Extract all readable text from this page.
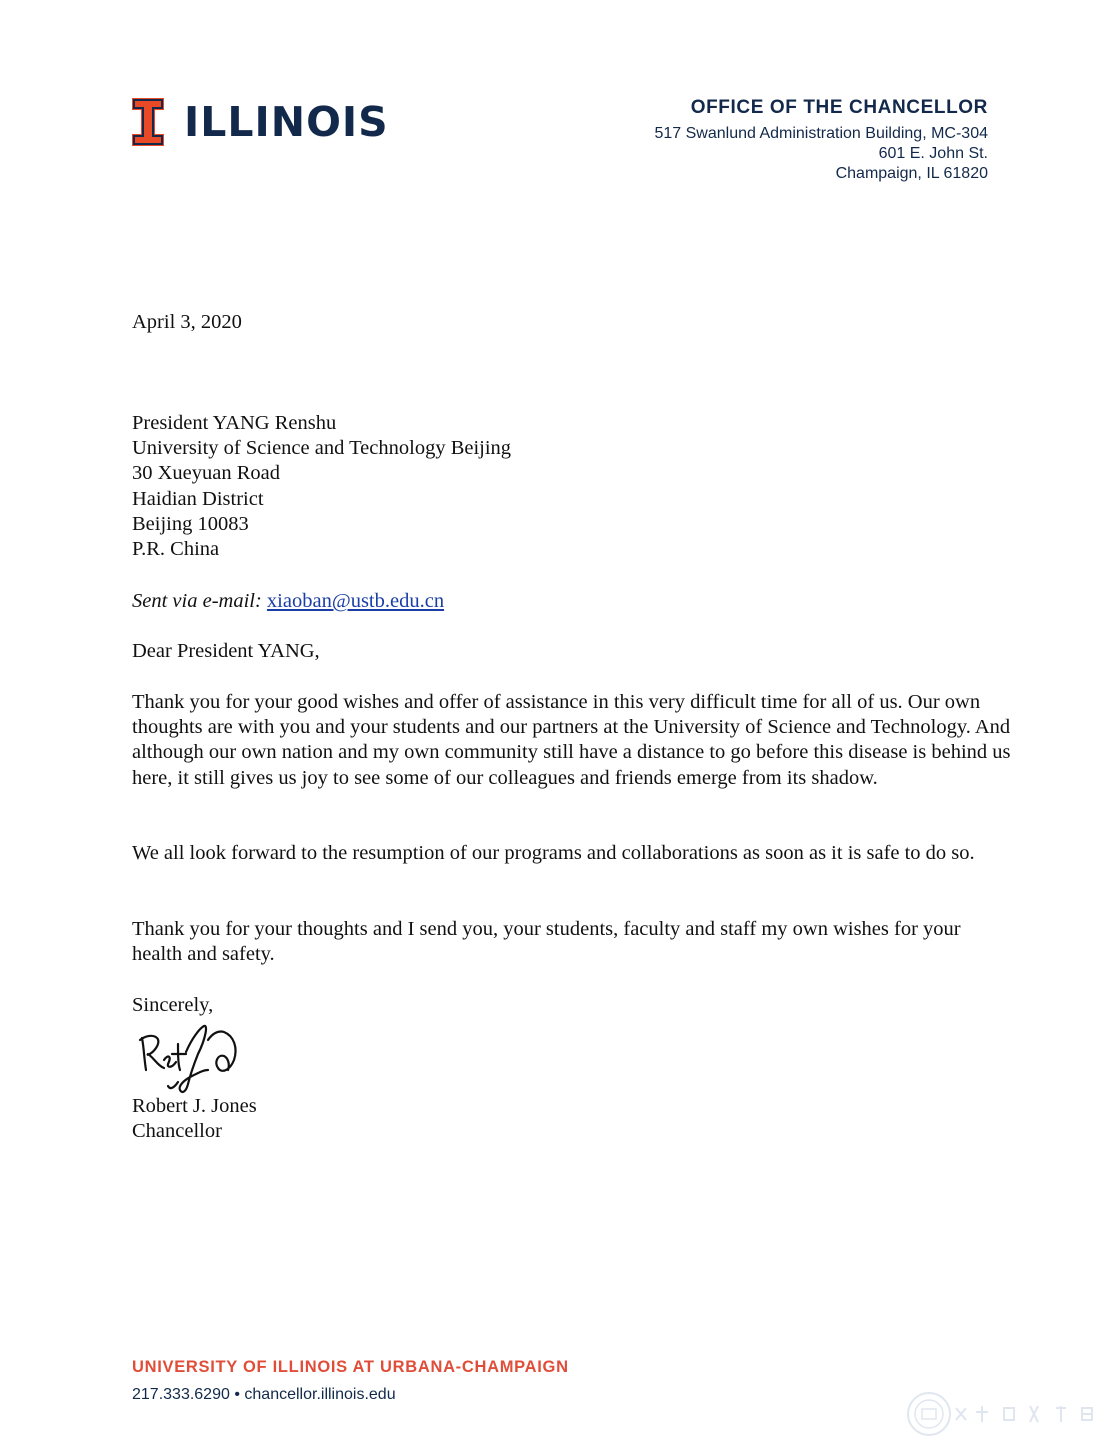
ILLINOIS	OFFICE OF THE CHANCELLOR
517 Swanlund Administration Building, MC-304
601 E. John St.
Champaign, IL 61820
April 3, 2020

President YANG Renshu

University of Science and Technology Beijing

30 Xueyuan Road

Haidian District

Beijing 10083

P.R. China

Sent via e-mail: xiaoban@ustb.edu.cn
Dear President YANG,
Thank you for your good wishes and offer of assistance in this very difficult time for all of us. Our own thoughts are with you and your students and our partners at the University of Science and Technology. And although our own nation and my own community still have a distance to go before this disease is behind us here, it still gives us joy to see some of our colleagues and friends emerge from its shadow.
We all look forward to the resumption of our programs and collaborations as soon as it is safe to do so.
Thank you for your thoughts and I send you, your students, faculty and staff my own wishes for your health and safety.
Sincerely,

Robert J. Jones

Chancellor

UNIVERSITY OF ILLINOIS AT URBANA-CHAMPAIGN
217.333.6290 • chancellor.illinois.edu
